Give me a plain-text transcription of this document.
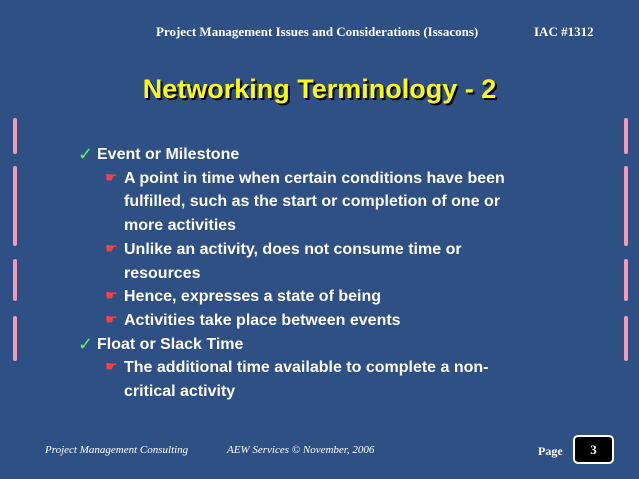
Project Management Issues and Considerations (Issacons)	IAC #1312
Networking Terminology - 2
✓ Event or Milestone
☛ A point in time when certain conditions have been
fulfilled, such as the start or completion of one or
more activities
☛ Unlike an activity, does not consume time or
resources
☛ Hence, expresses a state of being
☛ Activities take place between events
✓ Float or Slack Time
☛ The additional time available to complete a non-
critical activity
Project Management Consulting	AEW Services © November, 2006	Page	3
